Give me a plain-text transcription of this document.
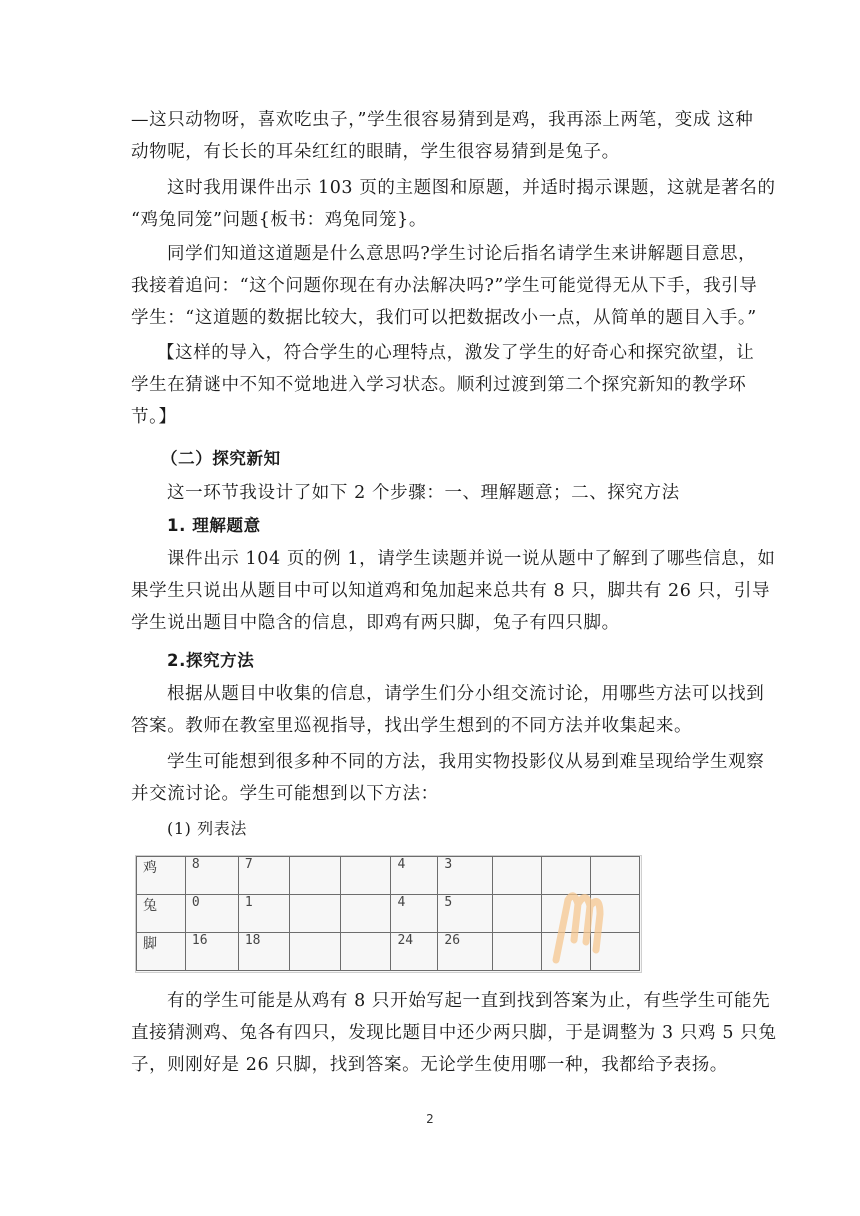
—这只动物呀，喜欢吃虫子，”学生很容易猜到是鸡，我再添上两笔，变成 这种
动物呢，有长长的耳朵红红的眼睛，学生很容易猜到是兔子。
这时我用课件出示 103 页的主题图和原题，并适时揭示课题，这就是著名的
“鸡兔同笼”问题{板书：鸡兔同笼}。
同学们知道这道题是什么意思吗?学生讨论后指名请学生来讲解题目意思，
我接着追问：“这个问题你现在有办法解决吗?”学生可能觉得无从下手，我引导
学生：“这道题的数据比较大，我们可以把数据改小一点，从简单的题目入手。”
【这样的导入，符合学生的心理特点，激发了学生的好奇心和探究欲望，让
学生在猜谜中不知不觉地进入学习状态。顺利过渡到第二个探究新知的教学环
节。】
（二）探究新知
这一环节我设计了如下 2 个步骤：一、理解题意；二、探究方法
1. 理解题意
课件出示 104 页的例 1，请学生读题并说一说从题中了解到了哪些信息，如
果学生只说出从题目中可以知道鸡和兔加起来总共有 8 只，脚共有 26 只，引导
学生说出题目中隐含的信息，即鸡有两只脚，兔子有四只脚。
2.探究方法
根据从题目中收集的信息，请学生们分小组交流讨论，用哪些方法可以找到
答案。教师在教室里巡视指导，找出学生想到的不同方法并收集起来。
学生可能想到很多种不同的方法，我用实物投影仪从易到难呈现给学生观察
并交流讨论。学生可能想到以下方法：
(1) 列表法
有的学生可能是从鸡有 8 只开始写起一直到找到答案为止，有些学生可能先
直接猜测鸡、兔各有四只，发现比题目中还少两只脚，于是调整为 3 只鸡 5 只兔
子，则刚好是 26 只脚，找到答案。无论学生使用哪一种，我都给予表扬。
鸡	8	7			4	3			
兔	0	1			4	5			
脚	16	18			24	26			
2
